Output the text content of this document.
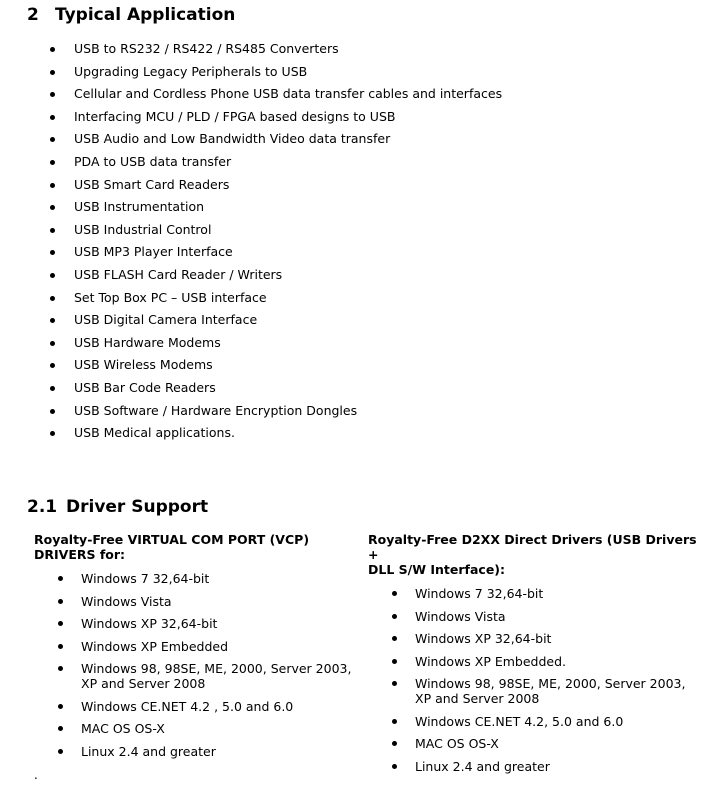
2 Typical Application
USB to RS232 / RS422 / RS485 Converters
Upgrading Legacy Peripherals to USB
Cellular and Cordless Phone USB data transfer cables and interfaces
Interfacing MCU / PLD / FPGA based designs to USB
USB Audio and Low Bandwidth Video data transfer
PDA to USB data transfer
USB Smart Card Readers
USB Instrumentation
USB Industrial Control
USB MP3 Player Interface
USB FLASH Card Reader / Writers
Set Top Box PC – USB interface
USB Digital Camera Interface
USB Hardware Modems
USB Wireless Modems
USB Bar Code Readers
USB Software / Hardware Encryption Dongles
USB Medical applications.
2.1 Driver Support

Royalty-Free VIRTUAL COM PORT (VCP)
DRIVERS for:

Windows 7 32,64-bit
Windows Vista
Windows XP 32,64-bit
Windows XP Embedded
Windows 98, 98SE, ME, 2000, Server 2003,
XP and Server 2008
Windows CE.NET 4.2 , 5.0 and 6.0
MAC OS OS-X
Linux 2.4 and greater

Royalty-Free D2XX Direct Drivers (USB Drivers +
DLL S/W Interface):

Windows 7 32,64-bit
Windows Vista
Windows XP 32,64-bit
Windows XP Embedded.
Windows 98, 98SE, ME, 2000, Server 2003,
XP and Server 2008
Windows CE.NET 4.2, 5.0 and 6.0
MAC OS OS-X
Linux 2.4 and greater
.
